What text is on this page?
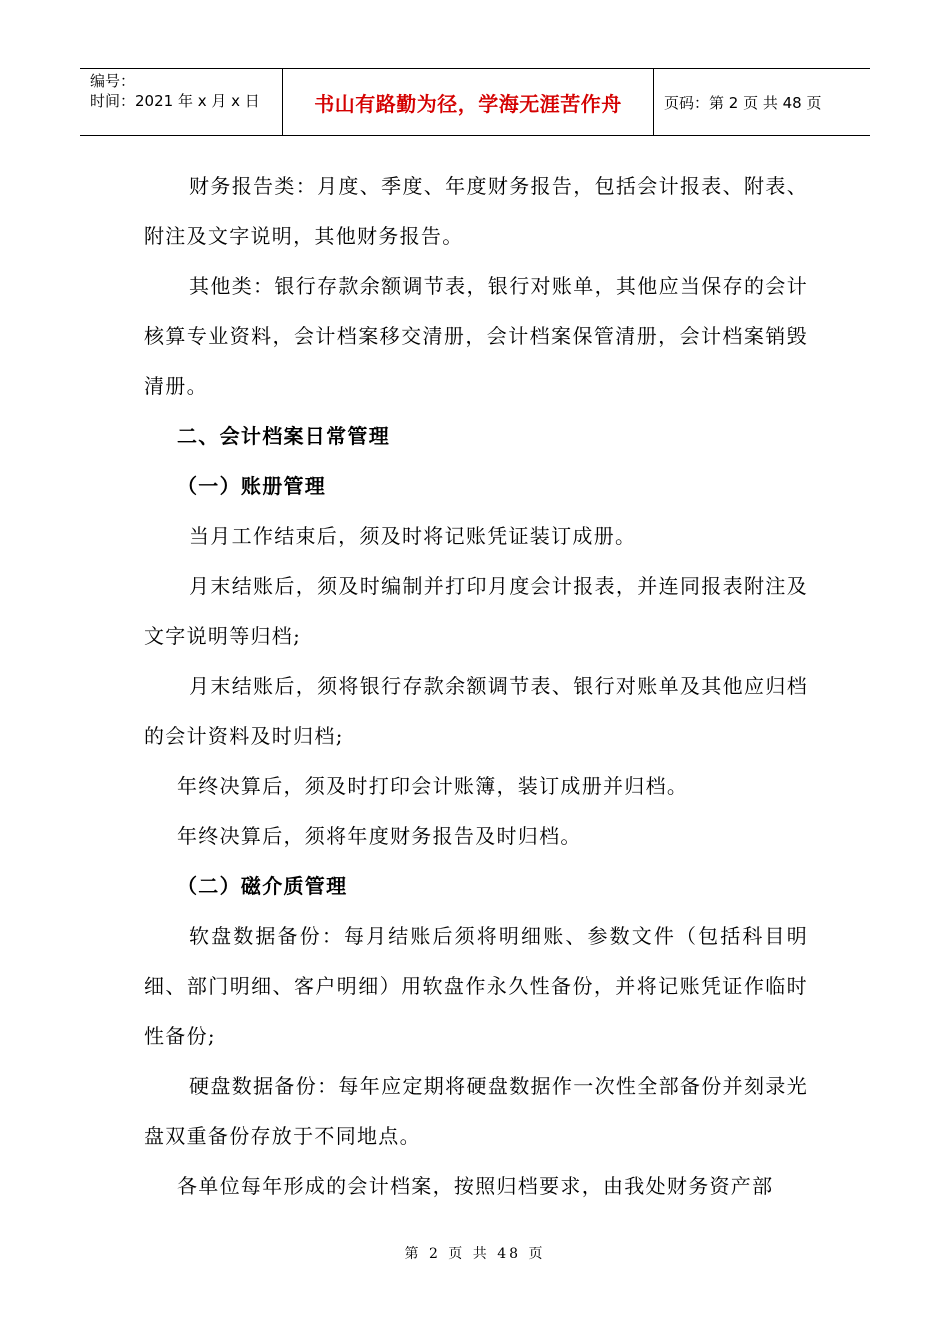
编号：
时间：2021 年 x 月 x 日	书山有路勤为径，学海无涯苦作舟	页码：第 2 页 共 48 页

财务报告类：月度、季度、年度财务报告，包括会计报表、附表、附注及文字说明，其他财务报告。

其他类：银行存款余额调节表，银行对账单，其他应当保存的会计核算专业资料，会计档案移交清册，会计档案保管清册，会计档案销毁清册。

二、会计档案日常管理

（一）账册管理

当月工作结束后，须及时将记账凭证装订成册。

月末结账后，须及时编制并打印月度会计报表，并连同报表附注及文字说明等归档;

月末结账后，须将银行存款余额调节表、银行对账单及其他应归档的会计资料及时归档;

年终决算后，须及时打印会计账簿，装订成册并归档。

年终决算后，须将年度财务报告及时归档。

（二）磁介质管理

软盘数据备份：每月结账后须将明细账、参数文件（包括科目明细、部门明细、客户明细）用软盘作永久性备份，并将记账凭证作临时性备份;

硬盘数据备份：每年应定期将硬盘数据作一次性全部备份并刻录光盘双重备份存放于不同地点。

各单位每年形成的会计档案，按照归档要求，由我处财务资产部

第 2 页 共 48 页
